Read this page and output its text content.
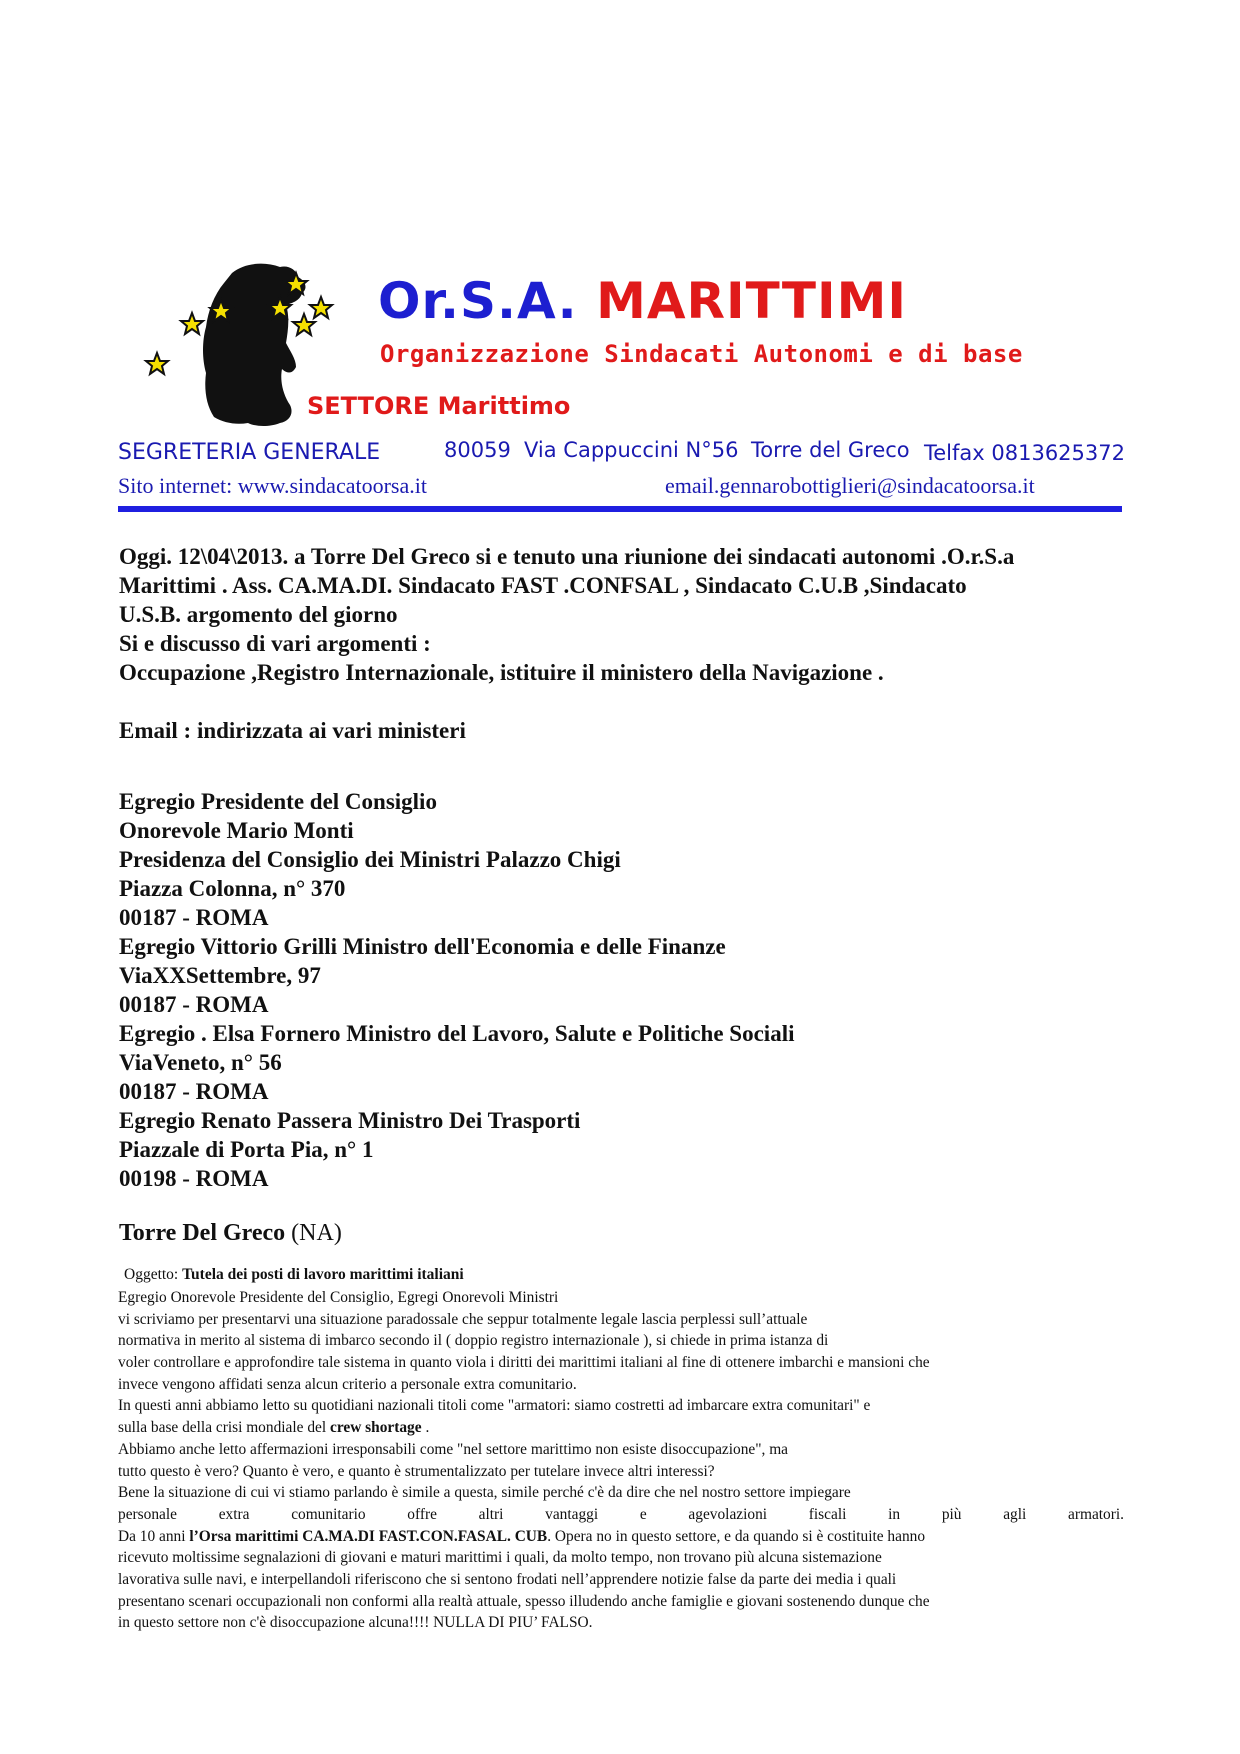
Or.S.A. MARITTIMI
Organizzazione Sindacati Autonomi e di base
SETTORE Marittimo
SEGRETERIA GENERALE	80059 Via Cappuccini N°56 Torre del Greco Telfax 0813625372
Sito internet: www.sindacatoorsa.it	email.gennarobottiglieri@sindacatoorsa.it
Oggi. 12\04\2013. a Torre Del Greco si e tenuto una riunione dei sindacati autonomi .O.r.S.a
Marittimi . Ass. CA.MA.DI. Sindacato FAST .CONFSAL , Sindacato C.U.B ,Sindacato
U.S.B. argomento del giorno
Si e discusso di vari argomenti :
Occupazione ,Registro Internazionale, istituire il ministero della Navigazione .
Email : indirizzata ai vari ministeri
Egregio Presidente del Consiglio
Onorevole Mario Monti
Presidenza del Consiglio dei Ministri Palazzo Chigi
Piazza Colonna, n° 370
00187 - ROMA
Egregio Vittorio Grilli Ministro dell'Economia e delle Finanze
ViaXXSettembre, 97
00187 - ROMA
Egregio . Elsa Fornero Ministro del Lavoro, Salute e Politiche Sociali
ViaVeneto, n° 56
00187 - ROMA
Egregio Renato Passera Ministro Dei Trasporti
Piazzale di Porta Pia, n° 1
00198 - ROMA
Torre Del Greco (NA)
Oggetto: Tutela dei posti di lavoro marittimi italiani
Egregio Onorevole Presidente del Consiglio, Egregi Onorevoli Ministri
vi scriviamo per presentarvi una situazione paradossale che seppur totalmente legale lascia perplessi sull’attuale
normativa in merito al sistema di imbarco secondo il ( doppio registro internazionale ), si chiede in prima istanza di
voler controllare e approfondire tale sistema in quanto viola i diritti dei marittimi italiani al fine di ottenere imbarchi e mansioni che
invece vengono affidati senza alcun criterio a personale extra comunitario.
In questi anni abbiamo letto su quotidiani nazionali titoli come "armatori: siamo costretti ad imbarcare extra comunitari" e
sulla base della crisi mondiale del crew shortage .
Abbiamo anche letto affermazioni irresponsabili come "nel settore marittimo non esiste disoccupazione", ma
tutto questo è vero? Quanto è vero, e quanto è strumentalizzato per tutelare invece altri interessi?
Bene la situazione di cui vi stiamo parlando è simile a questa, simile perché c'è da dire che nel nostro settore impiegare
personale	extra	comunitario	offre	altri	vantaggi	e	agevolazioni	fiscali	in	più	agli	armatori.
Da 10 anni l’Orsa marittimi CA.MA.DI FAST.CON.FASAL. CUB. Opera no in questo settore, e da quando si è costituite hanno
ricevuto moltissime segnalazioni di giovani e maturi marittimi i quali, da molto tempo, non trovano più alcuna sistemazione
lavorativa sulle navi, e interpellandoli riferiscono che si sentono frodati nell’apprendere notizie false da parte dei media i quali
presentano scenari occupazionali non conformi alla realtà attuale, spesso illudendo anche famiglie e giovani sostenendo dunque che
in questo settore non c'è disoccupazione alcuna!!!! NULLA DI PIU’ FALSO.
